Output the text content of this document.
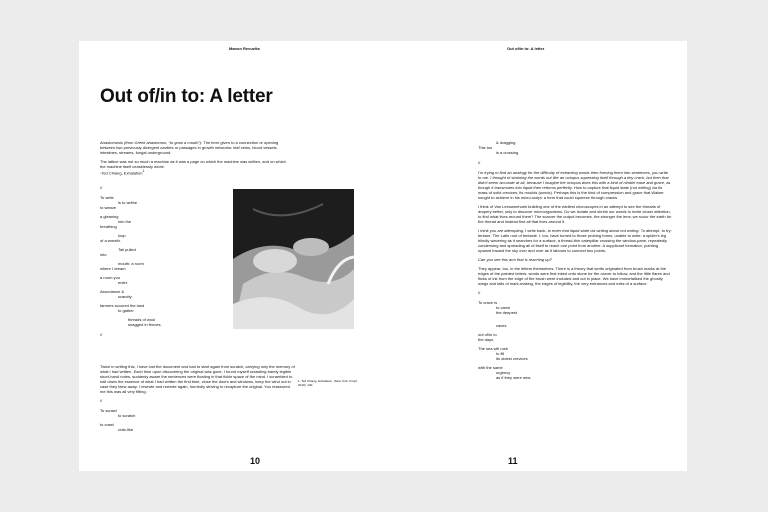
Manon Revuelta
Out of/in to: A letter

Anastomosis (from Greek anastomoo, “to grow a mouth”): The term given to a connection or opening between two previously divergent cavities or passages in growth networks: leaf veins, blood vessels, intestines, streams, fungal underground.

The lattice was not so much a machine as it was a page on which the machine was written, and on which the machine itself ceaselessly wrote.
-Ted Chiang, Exhalation$^1$

//
To write
is to writhe
to weave
a gleaning
into the
breathing
loop
of a wreath.
Tail pulled
into
mouth: a room
where I dream
a room you
enter.
Abundance &
scarcity:
farmers scoured the land
to gather
threads of wool
snagged in fences.
//

Twice in writing this, I have lost the document and had to start again from scratch, carrying only the memory of what I had written. Each time upon discovering the original was gone, I found myself scrawling barely legible short-hand notes, suddenly aware the sentences were floating in that fickle space of the mind. I scrambled to nail down the essence of what I had written the first time, close the doors and windows, keep the wind out in case they blew away. I rewrote and rewrote again, hurriedly striving to recapture the original. You reassured me this was all very fitting.

//
To scrawl
to scratch
to crawl
crab-like
1. Ted Chiang, Exhalation, (New York: Knopf, 2019), 130.
10
Out of/in to: A letter
& dragging.
This too
is a crossing.
//

I'm trying to find an analogy for the difficulty of extracting words then forming them into sentences, you write to me. I thought of straining the words out like an octopus squeezing itself through a tiny crack, but then that didn't seem accurate at all, because I imagine the octopus does this with a kind of nimble ease and grace, as though it transmutes into liquid then reforms perfectly. How to capture that liquid state (not writing) via its mass of solid crevices, its moulds (words). Perhaps this is the kind of compression and grace that Walser sought to achieve in his micro-script: a form that could squeeze through cracks.

I think of Van Leeuwenhoek building one of the earliest microscopes in an attempt to see the threads of drapery better, only to discover microorganisms. Do we isolate and shrink our words to invite closer attention, to find what lives around them? The scarcer the output becomes, the stronger the lens; we scour the earth for the thread and instead find all that lives around it.

I think you are attempting, I write back, to enter that liquid state via writing about not writing. To attempt, to try: tentare. The Latin root of tentacle. I, too, have turned to those probing forms, unable to write: a spider's leg blindly wavering as it searches for a surface, a thread-thin caterpillar crossing the window-pane, repeatedly condensing and spreading all of itself to reach one point from another. A supplicant formation, pointing upward toward the sky over and over as it labours to connect two points.

Can you see this arm that is reaching up?

They appear, too, in the letters themselves. There is a theory that serifs originated from brush marks at the edges of the painted letters: words were first inked onto stone for the carver to follow, and the little flares and flicks of ink from the edge of the brush were included and cut in place. We have immortalised the ghostly wings and tails of mark-making, the edges of legibility, the very entrances and exits of a surface.

//
To crave is
to carve
the deepest
caves
out of/in to
the days.
The sea will rush
to fill
its oldest crevices
with the same
urgency
as if they were new.
11
